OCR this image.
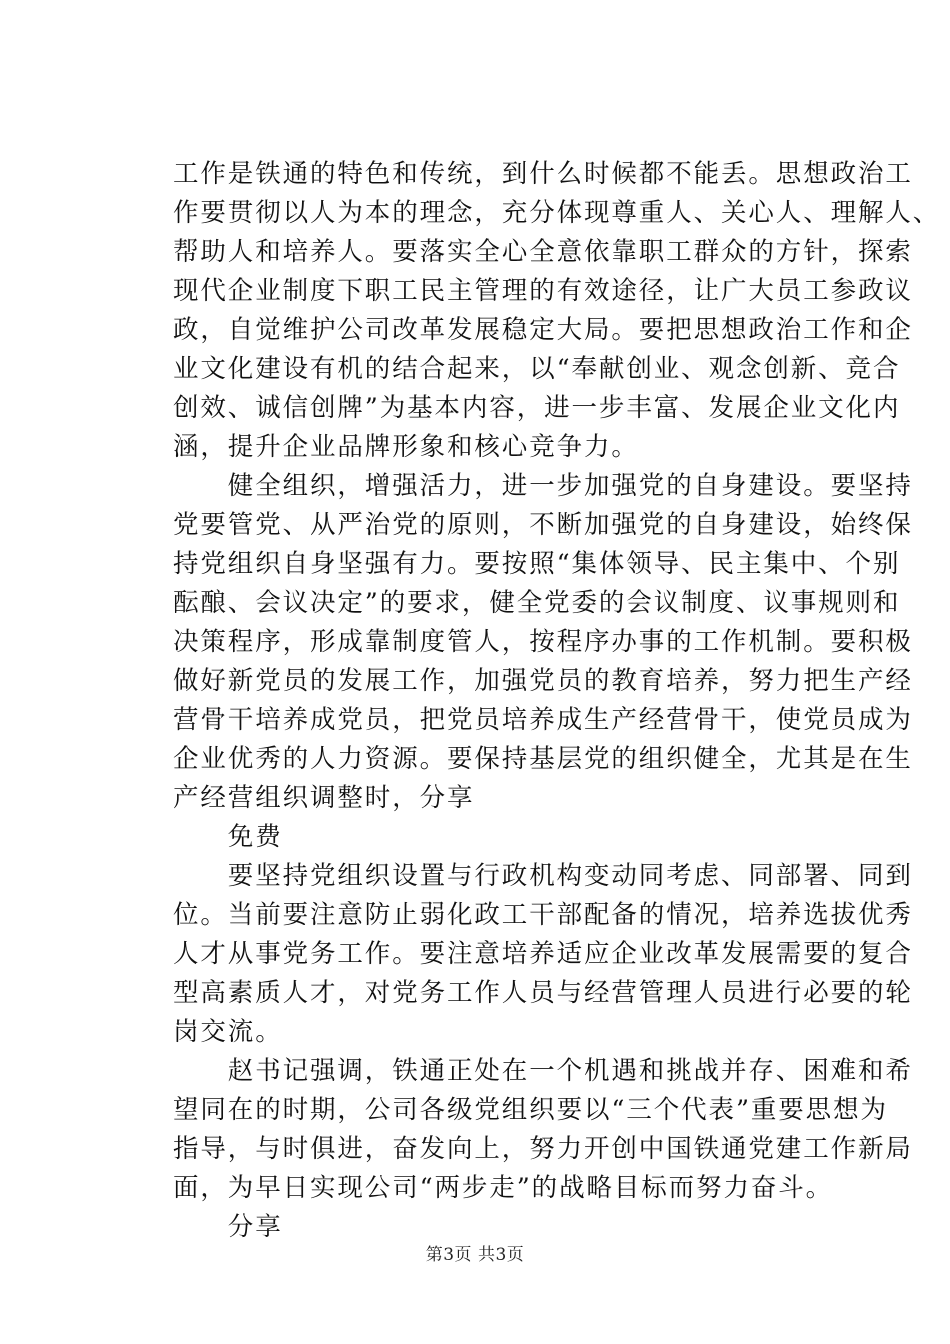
工作是铁通的特色和传统，到什么时候都不能丢。思想政治工
作要贯彻以人为本的理念，充分体现尊重人、关心人、理解人、
帮助人和培养人。要落实全心全意依靠职工群众的方针，探索
现代企业制度下职工民主管理的有效途径，让广大员工参政议
政，自觉维护公司改革发展稳定大局。要把思想政治工作和企
业文化建设有机的结合起来，以“奉献创业、观念创新、竞合
创效、诚信创牌”为基本内容，进一步丰富、发展企业文化内
涵，提升企业品牌形象和核心竞争力。
　　健全组织，增强活力，进一步加强党的自身建设。要坚持
党要管党、从严治党的原则，不断加强党的自身建设，始终保
持党组织自身坚强有力。要按照“集体领导、民主集中、个别
酝酿、会议决定”的要求，健全党委的会议制度、议事规则和
决策程序，形成靠制度管人，按程序办事的工作机制。要积极
做好新党员的发展工作，加强党员的教育培养，努力把生产经
营骨干培养成党员，把党员培养成生产经营骨干，使党员成为
企业优秀的人力资源。要保持基层党的组织健全，尤其是在生
产经营组织调整时，分享
　　免费
　　要坚持党组织设置与行政机构变动同考虑、同部署、同到
位。当前要注意防止弱化政工干部配备的情况，培养选拔优秀
人才从事党务工作。要注意培养适应企业改革发展需要的复合
型高素质人才，对党务工作人员与经营管理人员进行必要的轮
岗交流。
　　赵书记强调，铁通正处在一个机遇和挑战并存、困难和希
望同在的时期，公司各级党组织要以“三个代表”重要思想为
指导，与时俱进，奋发向上，努力开创中国铁通党建工作新局
面，为早日实现公司“两步走”的战略目标而努力奋斗。
　　分享
第3页 共3页
